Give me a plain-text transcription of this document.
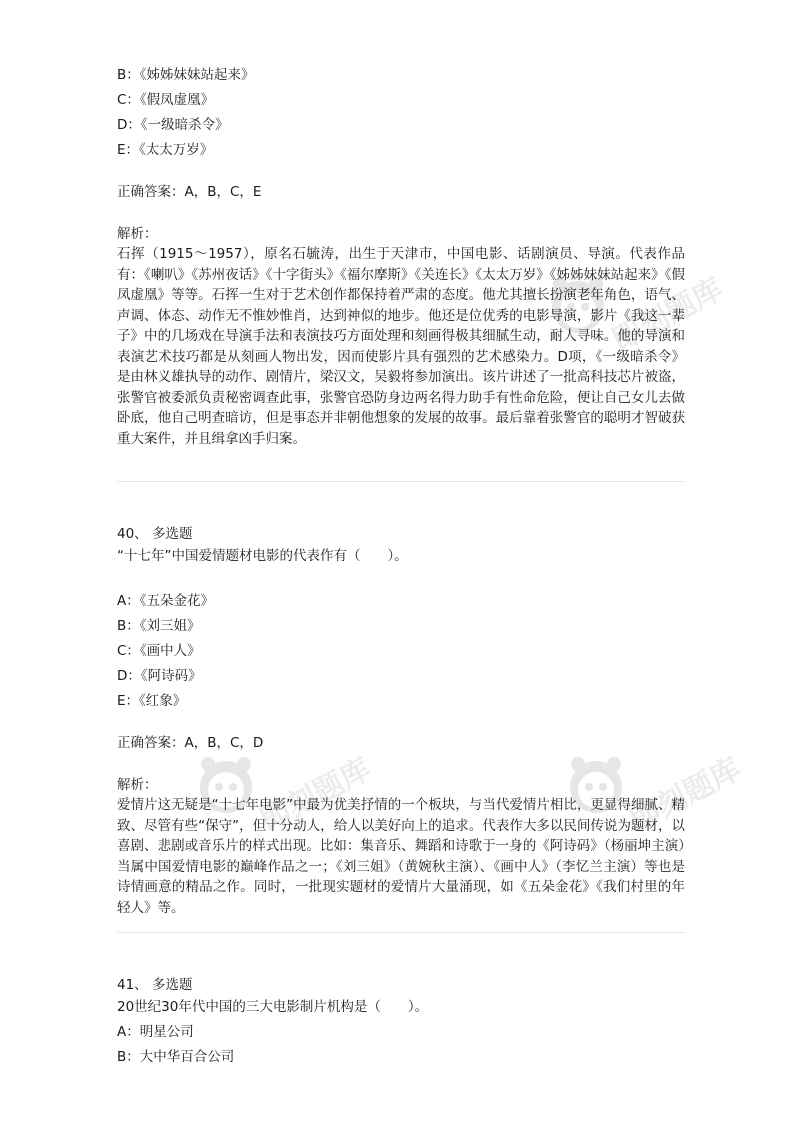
即刻题库
即刻题库	即刻题库
B：《姊姊妹妹站起来》
C：《假凤虚凰》
D：《一级暗杀令》
E：《太太万岁》
正确答案：A，B，C，E
解析：
石挥（1915～1957），原名石毓涛，出生于天津市，中国电影、话剧演员、导演。代表作品有：《喇叭》《苏州夜话》《十字街头》《福尔摩斯》《关连长》《太太万岁》《姊姊妹妹站起来》《假凤虚凰》等等。石挥一生对于艺术创作都保持着严肃的态度。他尤其擅长扮演老年角色，语气、声调、体态、动作无不惟妙惟肖，达到神似的地步。他还是位优秀的电影导演，影片《我这一辈子》中的几场戏在导演手法和表演技巧方面处理和刻画得极其细腻生动，耐人寻味。他的导演和表演艺术技巧都是从刻画人物出发，因而使影片具有强烈的艺术感染力。D项，《一级暗杀令》是由林义雄执导的动作、剧情片，梁汉文，吴毅将参加演出。该片讲述了一批高科技芯片被盗，张警官被委派负责秘密调查此事，张警官恐防身边两名得力助手有性命危险，便让自己女儿去做卧底，他自己明查暗访，但是事态并非朝他想象的发展的故事。最后靠着张警官的聪明才智破获重大案件，并且缉拿凶手归案。
40、 多选题
“十七年”中国爱情题材电影的代表作有（　　）。
A：《五朵金花》
B：《刘三姐》
C：《画中人》
D：《阿诗码》
E：《红象》
正确答案：A，B，C，D
解析：
爱情片这无疑是“十七年电影”中最为优美抒情的一个板块，与当代爱情片相比，更显得细腻、精致、尽管有些“保守”，但十分动人，给人以美好向上的追求。代表作大多以民间传说为题材，以喜剧、悲剧或音乐片的样式出现。比如：集音乐、舞蹈和诗歌于一身的《阿诗码》（杨丽坤主演）当属中国爱情电影的巅峰作品之一；《刘三姐》（黄婉秋主演）、《画中人》（李忆兰主演）等也是诗情画意的精品之作。同时，一批现实题材的爱情片大量涌现，如《五朵金花》《我们村里的年轻人》等。
41、 多选题
20世纪30年代中国的三大电影制片机构是（　　）。
A：明星公司
B：大中华百合公司
